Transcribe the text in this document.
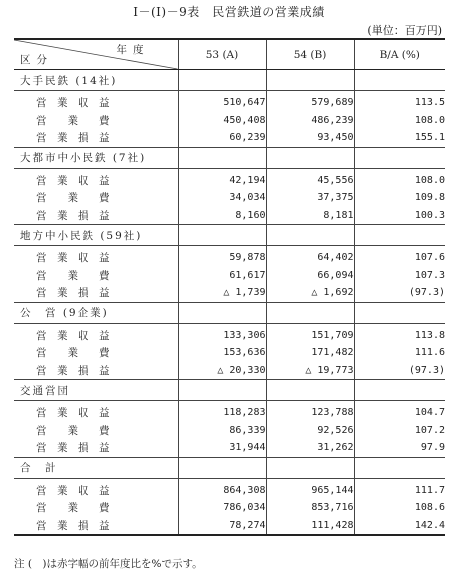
I－(I)－9表　民営鉄道の営業成績
(単位：百万円)
年度
区分	53 (A)	54 (B)	B/A (%)
大手民鉄 (14社)			

営　業　収　益	510,647	579,689	113.5
営　　業　　費	450,408	486,239	108.0
営　業　損　益	60,239	93,450	155.1
大都市中小民鉄 (7社)			

営　業　収　益	42,194	45,556	108.0
営　　業　　費	34,034	37,375	109.8
営　業　損　益	8,160	8,181	100.3
地方中小民鉄 (59社)			

営　業　収　益	59,878	64,402	107.6
営　　業　　費	61,617	66,094	107.3
営　業　損　益	△ 1,739	△ 1,692	(97.3)
公　営 (9企業)			

営　業　収　益	133,306	151,709	113.8
営　　業　　費	153,636	171,482	111.6
営　業　損　益	△ 20,330	△ 19,773	(97.3)
交通営団			

営　業　収　益	118,283	123,788	104.7
営　　業　　費	86,339	92,526	107.2
営　業　損　益	31,944	31,262	97.9
合　計			

営　業　収　益	864,308	965,144	111.7
営　　業　　費	786,034	853,716	108.6
営　業　損　益	78,274	111,428	142.4
注 (　)は赤字幅の前年度比を%で示す。
